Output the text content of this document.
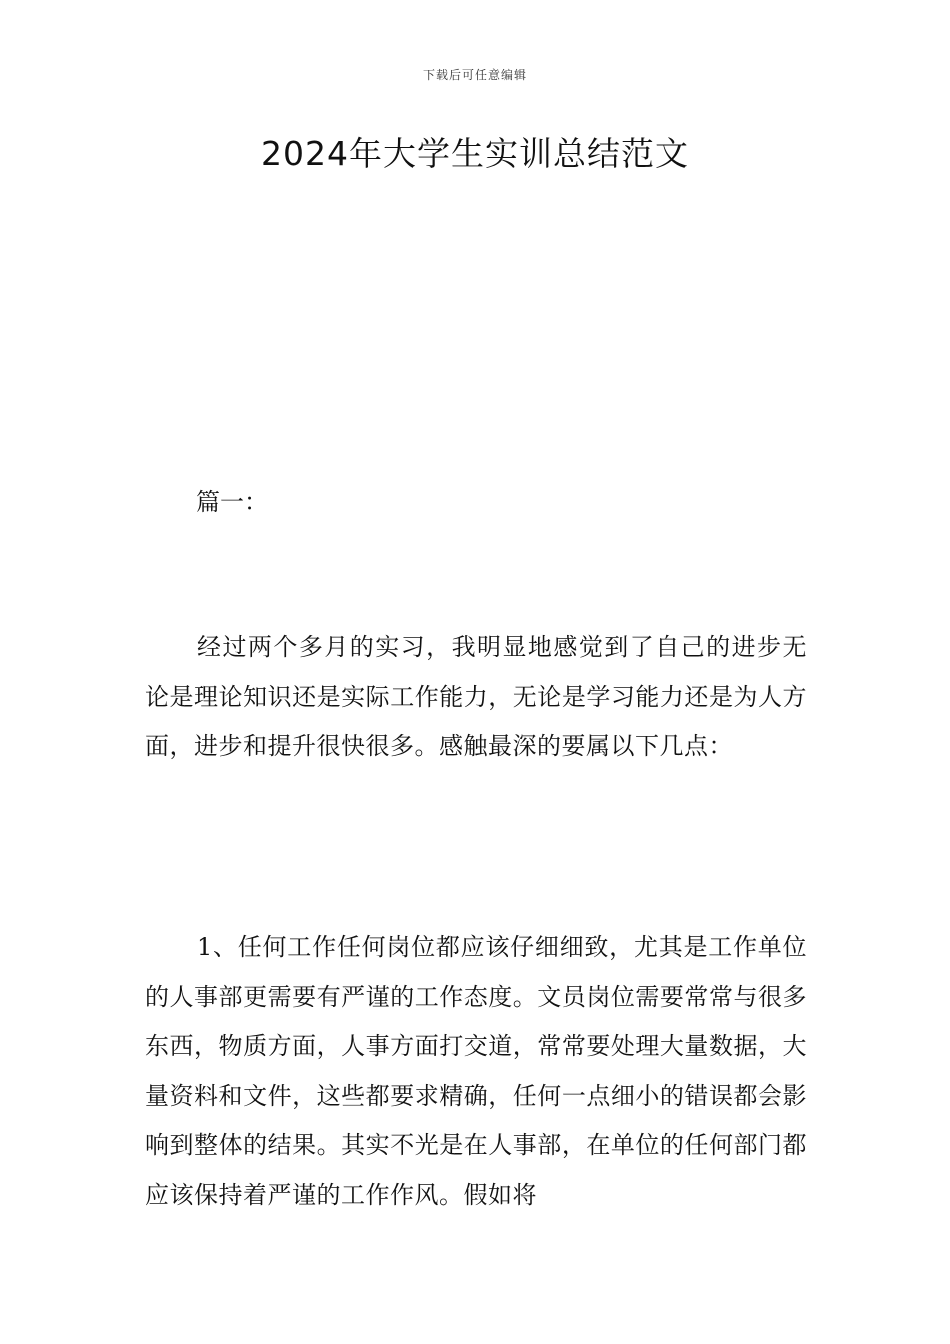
下载后可任意编辑
2024年大学生实训总结范文
篇一：

经过两个多月的实习，我明显地感觉到了自己的进步无论是理论知识还是实际工作能力，无论是学习能力还是为人方面，进步和提升很快很多。感触最深的要属以下几点：

1、任何工作任何岗位都应该仔细细致，尤其是工作单位的人事部更需要有严谨的工作态度。文员岗位需要常常与很多东西，物质方面，人事方面打交道，常常要处理大量数据，大量资料和文件，这些都要求精确，任何一点细小的错误都会影响到整体的结果。其实不光是在人事部，在单位的任何部门都应该保持着严谨的工作作风。假如将
